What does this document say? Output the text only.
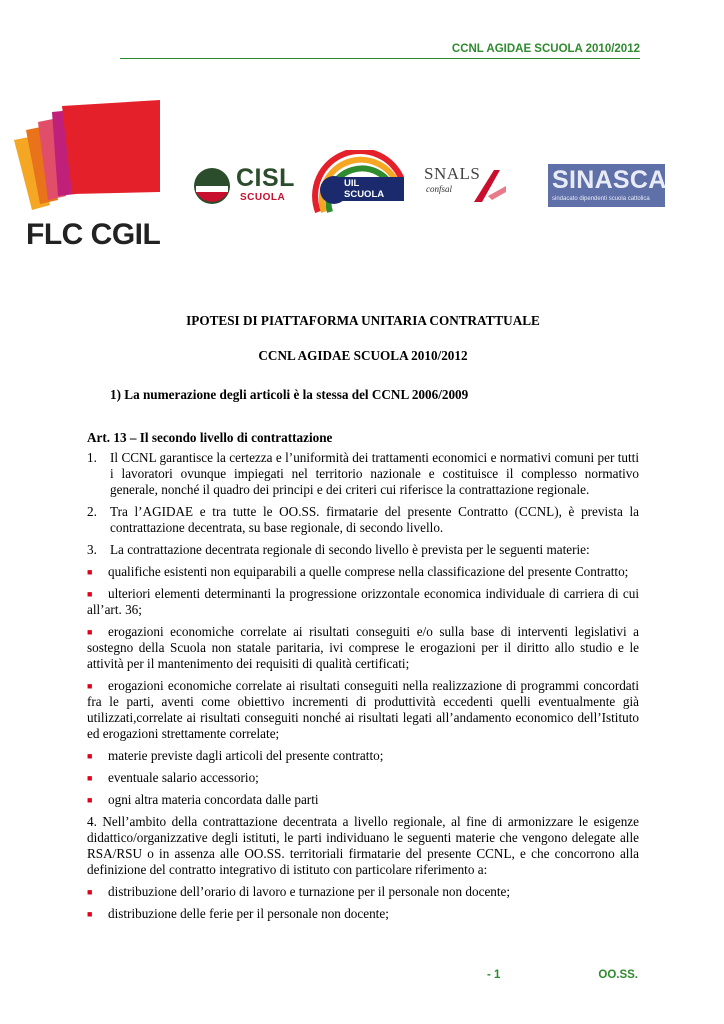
CCNL AGIDAE SCUOLA 2010/2012
FLC CGIL
CISL
SCUOLA
UIL SCUOLA
SNALS
confsal	SINASCA
sindacato dipendenti scuola cattolica

IPOTESI DI PIATTAFORMA UNITARIA CONTRATTUALE

CCNL AGIDAE SCUOLA 2010/2012

1) La numerazione degli articoli è la stessa del CCNL 2006/2009

Art. 13 – Il secondo livello di contrattazione

1. Il CCNL garantisce la certezza e l’uniformità dei trattamenti economici e normativi comuni per tutti i lavoratori ovunque impiegati nel territorio nazionale e costituisce il complesso normativo generale, nonché il quadro dei principi e dei criteri cui riferisce la contrattazione regionale.
2. Tra l’AGIDAE e tra tutte le OO.SS. firmatarie del presente Contratto (CCNL), è prevista la contrattazione decentrata, su base regionale, di secondo livello.
3. La contrattazione decentrata regionale di secondo livello è prevista per le seguenti materie:

■ qualifiche esistenti non equiparabili a quelle comprese nella classificazione del presente Contratto;

■ ulteriori elementi determinanti la progressione orizzontale economica individuale di carriera di cui all’art. 36;

■ erogazioni economiche correlate ai risultati conseguiti e/o sulla base di interventi legislativi a sostegno della Scuola non statale paritaria, ivi comprese le erogazioni per il diritto allo studio e le attività per il mantenimento dei requisiti di qualità certificati;

■ erogazioni economiche correlate ai risultati conseguiti nella realizzazione di programmi concordati fra le parti, aventi come obiettivo incrementi di produttività eccedenti quelli eventualmente già utilizzati,correlate ai risultati conseguiti nonché ai risultati legati all’andamento economico dell’Istituto ed erogazioni strettamente correlate;

■ materie previste dagli articoli del presente contratto;

■ eventuale salario accessorio;

■ ogni altra materia concordata dalle parti

4. Nell’ambito della contrattazione decentrata a livello regionale, al fine di armonizzare le esigenze didattico/organizzative degli istituti, le parti individuano le seguenti materie che vengono delegate alle RSA/RSU o in assenza alle OO.SS. territoriali firmatarie del presente CCNL, e che concorrono alla definizione del contratto integrativo di istituto con particolare riferimento a:

■ distribuzione dell’orario di lavoro e turnazione per il personale non docente;

■ distribuzione delle ferie per il personale non docente;

- 1	OO.SS.
